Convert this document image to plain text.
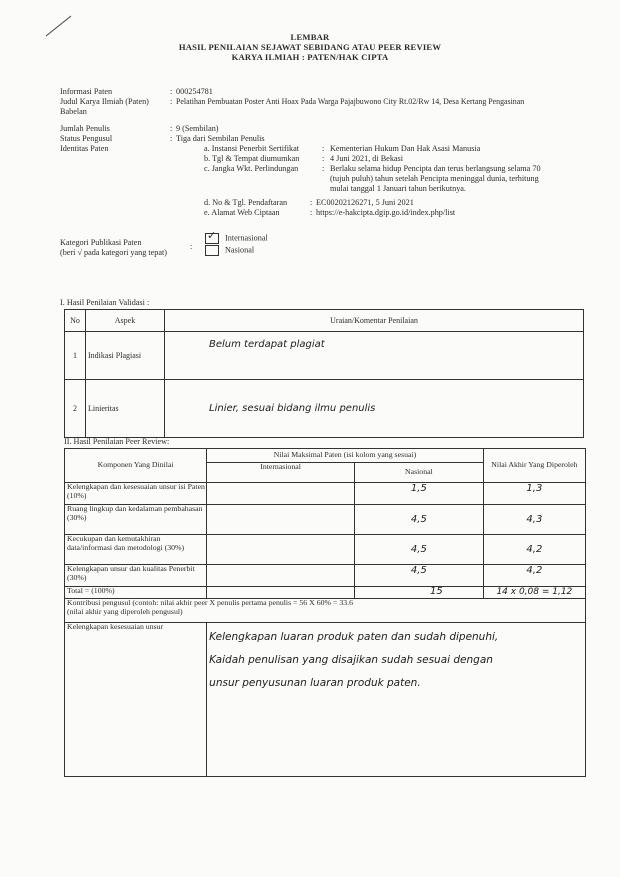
LEMBAR
HASIL PENILAIAN SEJAWAT SEBIDANG ATAU PEER REVIEW
KARYA ILMIAH : PATEN/HAK CIPTA
Informasi Paten	: 000254781
Judul Karya Ilmiah (Paten)	: Pelatihan Pembuatan Poster Anti Hoax Pada Warga Pajajbuwono City Rt.02/Rw 14, Desa Kertang Pengasinan
Babelan
Jumlah Penulis	: 9 (Sembilan)
Status Pengusul	: Tiga dari Sembilan Penulis
Identitas Paten	a. Instansi Penerbit Sertifikat	: Kementerian Hukum Dan Hak Asasi Manusia
b. Tgl & Tempat diumumkan	: 4 Juni 2021, di Bekasi
c. Jangka Wkt. Perlindungan	: Berlaku selama hidup Pencipta dan terus berlangsung selama 70
(tujuh puluh) tahun setelah Pencipta meninggal dunia, terhitung
mulai tanggal 1 Januari tahun berikutnya.
d. No & Tgl. Pendaftaran	: EC00202126271, 5 Juni 2021
e. Alamat Web Ciptaan	: https://e-hakcipta.dgip.go.id/index.php/list
Kategori Publikasi Paten
(beri √ pada kategori yang tepat)
:
✓ Internasional
Nasional
I. Hasil Penilaian Validasi :
No	Aspek	Uraian/Komentar Penilaian
1	Indikasi Plagiasi	Belum terdapat plagiat
2	Linieritas	Linier, sesuai bidang ilmu penulis
II. Hasil Penilaian Peer Review:
Komponen Yang Dinilai	Nilai Maksimal Paten (isi kolom yang sesuai)		Nilai Akhir Yang Diperoleh
	Internasional	Nasional	
Kelengkapan dan kesesuaian unsur isi Paten (10%)		1,5	1,3
Ruang lingkup dan kedalaman pembahasan (30%)		4,5	4,3
Kecukupan dan kemutakhiran data/informasi dan metodologi (30%)		4,5	4,2
Kelengkapan unsur dan kualitas Penerbit (30%)		4,5	4,2
Total = (100%)		15	14 x 0,08 = 1,12

Kontribusi pengusul (contoh: nilai akhir peer X penulis pertama penulis = 56 X 60% = 33.6
(nilai akhir yang diperoleh pengusul)			

Kelengkapan kesesuaian unsur	Kelengkapan luaran produk paten dan sudah dipenuhi,
Kaidah penulisan yang disajikan sudah sesuai dengan
unsur penyusunan luaran produk paten.		
